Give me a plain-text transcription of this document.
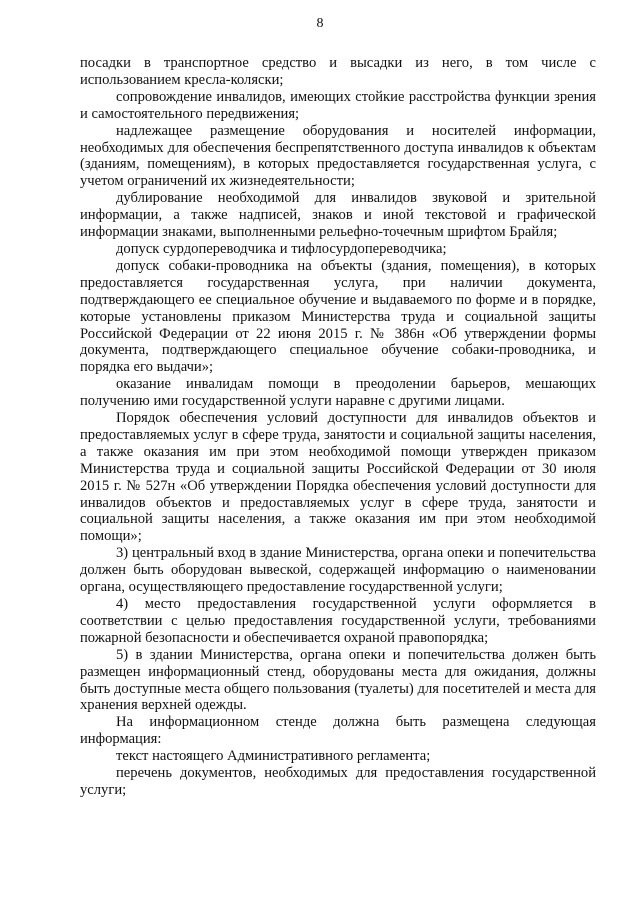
8

посадки в транспортное средство и высадки из него, в том числе с использованием кресла-коляски;

сопровождение инвалидов, имеющих стойкие расстройства функции зрения и самостоятельного передвижения;

надлежащее размещение оборудования и носителей информации, необходимых для обеспечения беспрепятственного доступа инвалидов к объектам (зданиям, помещениям), в которых предоставляется государственная услуга, с учетом ограничений их жизнедеятельности;

дублирование необходимой для инвалидов звуковой и зрительной информации, а также надписей, знаков и иной текстовой и графической информации знаками, выполненными рельефно-точечным шрифтом Брайля;

допуск сурдопереводчика и тифлосурдопереводчика;

допуск собаки-проводника на объекты (здания, помещения), в которых предоставляется государственная услуга, при наличии документа, подтверждающего ее специальное обучение и выдаваемого по форме и в порядке, которые установлены приказом Министерства труда и социальной защиты Российской Федерации от 22 июня 2015 г. № 386н «Об утверждении формы документа, подтверждающего специальное обучение собаки-проводника, и порядка его выдачи»;

оказание инвалидам помощи в преодолении барьеров, мешающих получению ими государственной услуги наравне с другими лицами.

Порядок обеспечения условий доступности для инвалидов объектов и предоставляемых услуг в сфере труда, занятости и социальной защиты населения, а также оказания им при этом необходимой помощи утвержден приказом Министерства труда и социальной защиты Российской Федерации от 30 июля 2015 г. № 527н «Об утверждении Порядка обеспечения условий доступности для инвалидов объектов и предоставляемых услуг в сфере труда, занятости и социальной защиты населения, а также оказания им при этом необходимой помощи»;

3) центральный вход в здание Министерства, органа опеки и попечительства должен быть оборудован вывеской, содержащей информацию о наименовании органа, осуществляющего предоставление государственной услуги;

4) место предоставления государственной услуги оформляется в соответствии с целью предоставления государственной услуги, требованиями пожарной безопасности и обеспечивается охраной правопорядка;

5) в здании Министерства, органа опеки и попечительства должен быть размещен информационный стенд, оборудованы места для ожидания, должны быть доступные места общего пользования (туалеты) для посетителей и места для хранения верхней одежды.

На информационном стенде должна быть размещена следующая информация:

текст настоящего Административного регламента;

перечень документов, необходимых для предоставления государственной услуги;
